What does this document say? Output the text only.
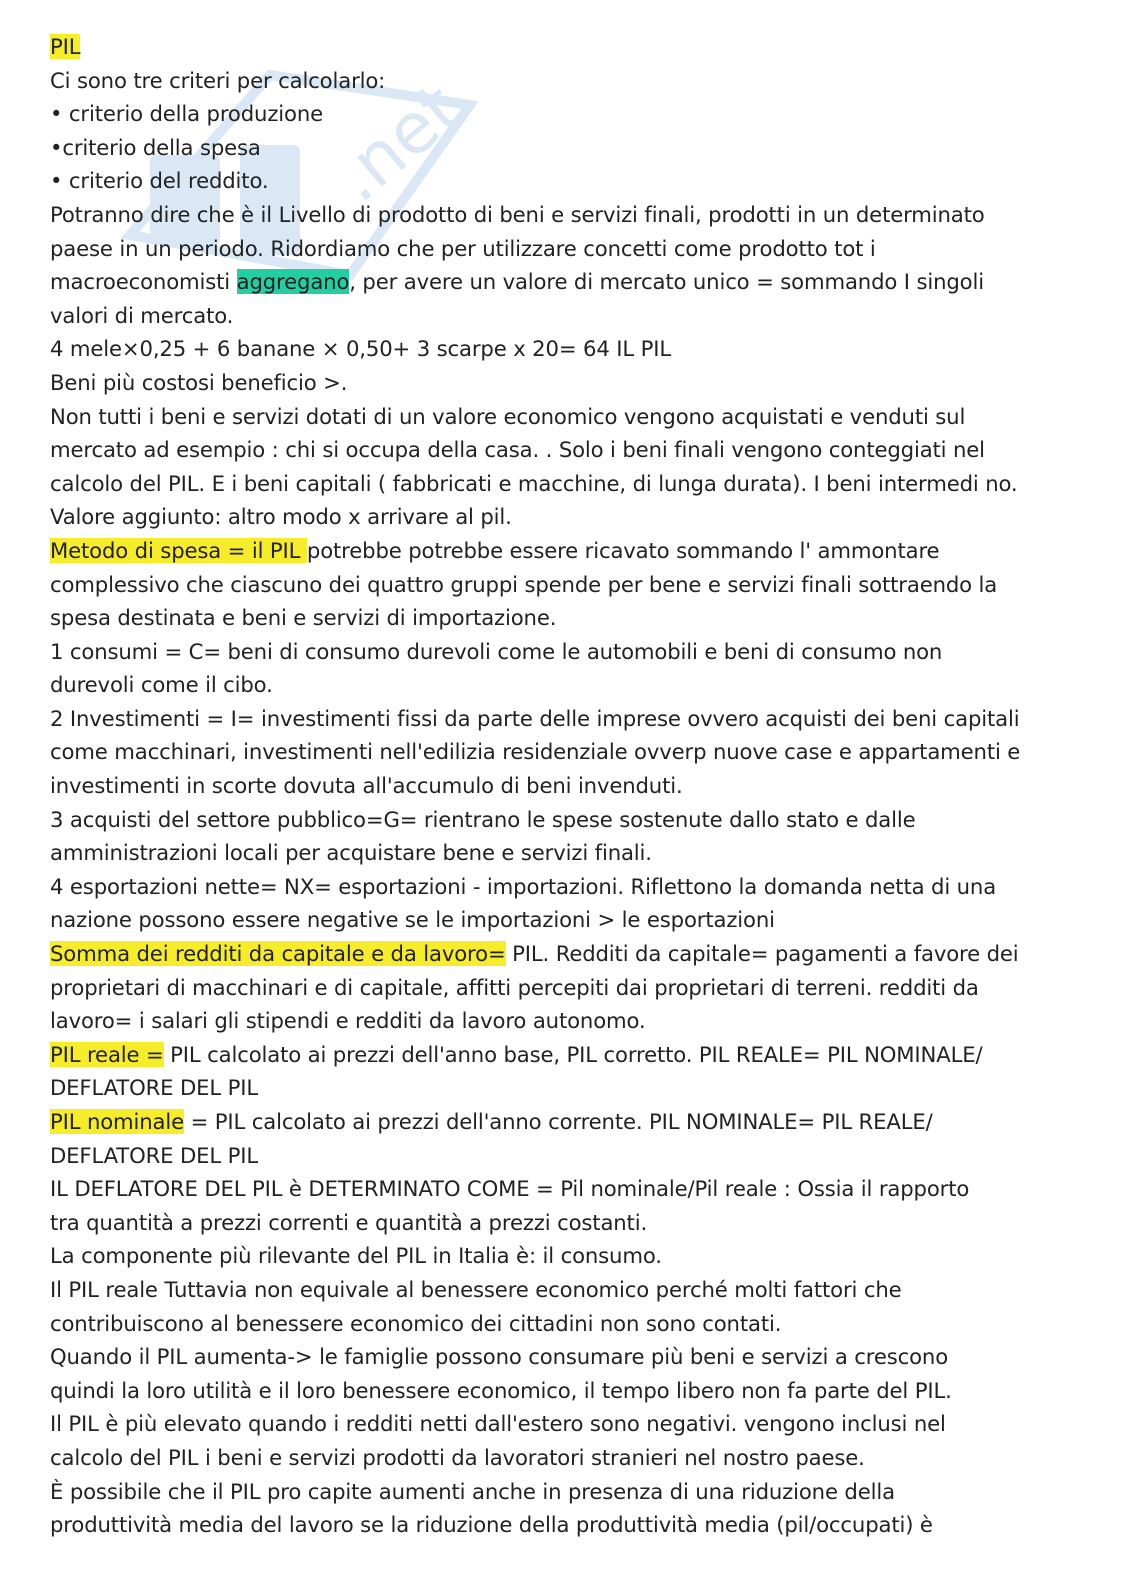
.net
PIL
Ci sono tre criteri per calcolarlo:
• criterio della produzione
•criterio della spesa
• criterio del reddito.
Potranno dire che è il Livello di prodotto di beni e servizi finali, prodotti in un determinato
paese in un periodo. Ridordiamo che per utilizzare concetti come prodotto tot i
macroeconomisti aggregano, per avere un valore di mercato unico = sommando I singoli
valori di mercato.
4 mele×0,25 + 6 banane × 0,50+ 3 scarpe x 20= 64 IL PIL
Beni più costosi beneficio >.
Non tutti i beni e servizi dotati di un valore economico vengono acquistati e venduti sul
mercato ad esempio : chi si occupa della casa. . Solo i beni finali vengono conteggiati nel
calcolo del PIL. E i beni capitali ( fabbricati e macchine, di lunga durata). I beni intermedi no.
Valore aggiunto: altro modo x arrivare al pil.
Metodo di spesa = il PIL potrebbe potrebbe essere ricavato sommando l' ammontare
complessivo che ciascuno dei quattro gruppi spende per bene e servizi finali sottraendo la
spesa destinata e beni e servizi di importazione.
1 consumi = C= beni di consumo durevoli come le automobili e beni di consumo non
durevoli come il cibo.
2 Investimenti = I= investimenti fissi da parte delle imprese ovvero acquisti dei beni capitali
come macchinari, investimenti nell'edilizia residenziale ovverp nuove case e appartamenti e
investimenti in scorte dovuta all'accumulo di beni invenduti.
3 acquisti del settore pubblico=G= rientrano le spese sostenute dallo stato e dalle
amministrazioni locali per acquistare bene e servizi finali.
4 esportazioni nette= NX= esportazioni - importazioni. Riflettono la domanda netta di una
nazione possono essere negative se le importazioni > le esportazioni
Somma dei redditi da capitale e da lavoro= PIL. Redditi da capitale= pagamenti a favore dei
proprietari di macchinari e di capitale, affitti percepiti dai proprietari di terreni. redditi da
lavoro= i salari gli stipendi e redditi da lavoro autonomo.
PIL reale = PIL calcolato ai prezzi dell'anno base, PIL corretto. PIL REALE= PIL NOMINALE/
DEFLATORE DEL PIL
PIL nominale = PIL calcolato ai prezzi dell'anno corrente. PIL NOMINALE= PIL REALE/
DEFLATORE DEL PIL
IL DEFLATORE DEL PIL è DETERMINATO COME = Pil nominale/Pil reale : Ossia il rapporto
tra quantità a prezzi correnti e quantità a prezzi costanti.
La componente più rilevante del PIL in Italia è: il consumo.
Il PIL reale Tuttavia non equivale al benessere economico perché molti fattori che
contribuiscono al benessere economico dei cittadini non sono contati.
Quando il PIL aumenta-> le famiglie possono consumare più beni e servizi a crescono
quindi la loro utilità e il loro benessere economico, il tempo libero non fa parte del PIL.
Il PIL è più elevato quando i redditi netti dall'estero sono negativi. vengono inclusi nel
calcolo del PIL i beni e servizi prodotti da lavoratori stranieri nel nostro paese.
È possibile che il PIL pro capite aumenti anche in presenza di una riduzione della
produttività media del lavoro se la riduzione della produttività media (pil/occupati) è
